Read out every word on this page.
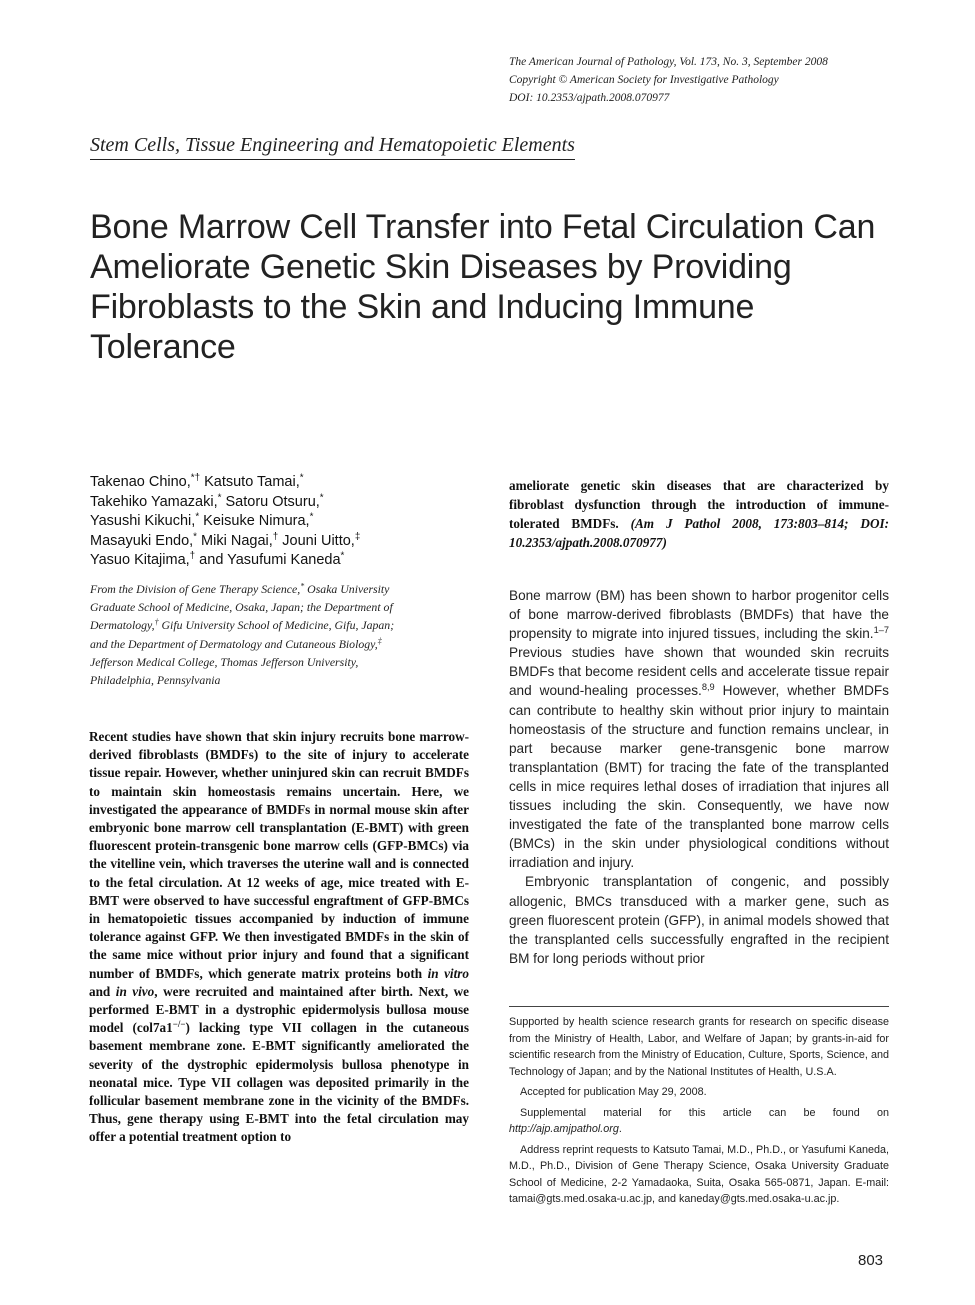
The American Journal of Pathology, Vol. 173, No. 3, September 2008
Copyright © American Society for Investigative Pathology
DOI: 10.2353/ajpath.2008.070977
Stem Cells, Tissue Engineering and Hematopoietic Elements
Bone Marrow Cell Transfer into Fetal Circulation Can Ameliorate Genetic Skin Diseases by Providing Fibroblasts to the Skin and Inducing Immune Tolerance
Takenao Chino,*† Katsuto Tamai,*
Takehiko Yamazaki,* Satoru Otsuru,*
Yasushi Kikuchi,* Keisuke Nimura,*
Masayuki Endo,* Miki Nagai,† Jouni Uitto,‡
Yasuo Kitajima,† and Yasufumi Kaneda*
From the Division of Gene Therapy Science,* Osaka University
Graduate School of Medicine, Osaka, Japan; the Department of
Dermatology,† Gifu University School of Medicine, Gifu, Japan;
and the Department of Dermatology and Cutaneous Biology,‡
Jefferson Medical College, Thomas Jefferson University,
Philadelphia, Pennsylvania
Recent studies have shown that skin injury recruits bone marrow-derived fibroblasts (BMDFs) to the site of injury to accelerate tissue repair. However, whether uninjured skin can recruit BMDFs to maintain skin homeostasis remains uncertain. Here, we investigated the appearance of BMDFs in normal mouse skin after embryonic bone marrow cell transplantation (E-BMT) with green fluorescent protein-transgenic bone marrow cells (GFP-BMCs) via the vitelline vein, which traverses the uterine wall and is connected to the fetal circulation. At 12 weeks of age, mice treated with E-BMT were observed to have successful engraftment of GFP-BMCs in hematopoietic tissues accompanied by induction of immune tolerance against GFP. We then investigated BMDFs in the skin of the same mice without prior injury and found that a significant number of BMDFs, which generate matrix proteins both in vitro and in vivo, were recruited and maintained after birth. Next, we performed E-BMT in a dystrophic epidermolysis bullosa mouse model (col7a1−/−) lacking type VII collagen in the cutaneous basement membrane zone. E-BMT significantly ameliorated the severity of the dystrophic epidermolysis bullosa phenotype in neonatal mice. Type VII collagen was deposited primarily in the follicular basement membrane zone in the vicinity of the BMDFs. Thus, gene therapy using E-BMT into the fetal circulation may offer a potential treatment option to
ameliorate genetic skin diseases that are characterized by fibroblast dysfunction through the introduction of immune-tolerated BMDFs. (Am J Pathol 2008, 173:803–814; DOI: 10.2353/ajpath.2008.070977)

Bone marrow (BM) has been shown to harbor progenitor cells of bone marrow-derived fibroblasts (BMDFs) that have the propensity to migrate into injured tissues, including the skin.$^{1-7}$ Previous studies have shown that wounded skin recruits BMDFs that become resident cells and accelerate tissue repair and wound-healing processes.$^{8,9}$ However, whether BMDFs can contribute to healthy skin without prior injury to maintain homeostasis of the structure and function remains unclear, in part because marker gene-transgenic bone marrow transplantation (BMT) for tracing the fate of the transplanted cells in mice requires lethal doses of irradiation that injures all tissues including the skin. Consequently, we have now investigated the fate of the transplanted bone marrow cells (BMCs) in the skin under physiological conditions without irradiation and injury.

Embryonic transplantation of congenic, and possibly allogenic, BMCs transduced with a marker gene, such as green fluorescent protein (GFP), in animal models showed that the transplanted cells successfully engrafted in the recipient BM for long periods without prior

Supported by health science research grants for research on specific disease from the Ministry of Health, Labor, and Welfare of Japan; by grants-in-aid for scientific research from the Ministry of Education, Culture, Sports, Science, and Technology of Japan; and by the National Institutes of Health, U.S.A.

Accepted for publication May 29, 2008.

Supplemental material for this article can be found on http://ajp.amjpathol.org.

Address reprint requests to Katsuto Tamai, M.D., Ph.D., or Yasufumi Kaneda, M.D., Ph.D., Division of Gene Therapy Science, Osaka University Graduate School of Medicine, 2-2 Yamadaoka, Suita, Osaka 565-0871, Japan. E-mail: tamai@gts.med.osaka-u.ac.jp, and kaneday@gts.med.osaka-u.ac.jp.

803
